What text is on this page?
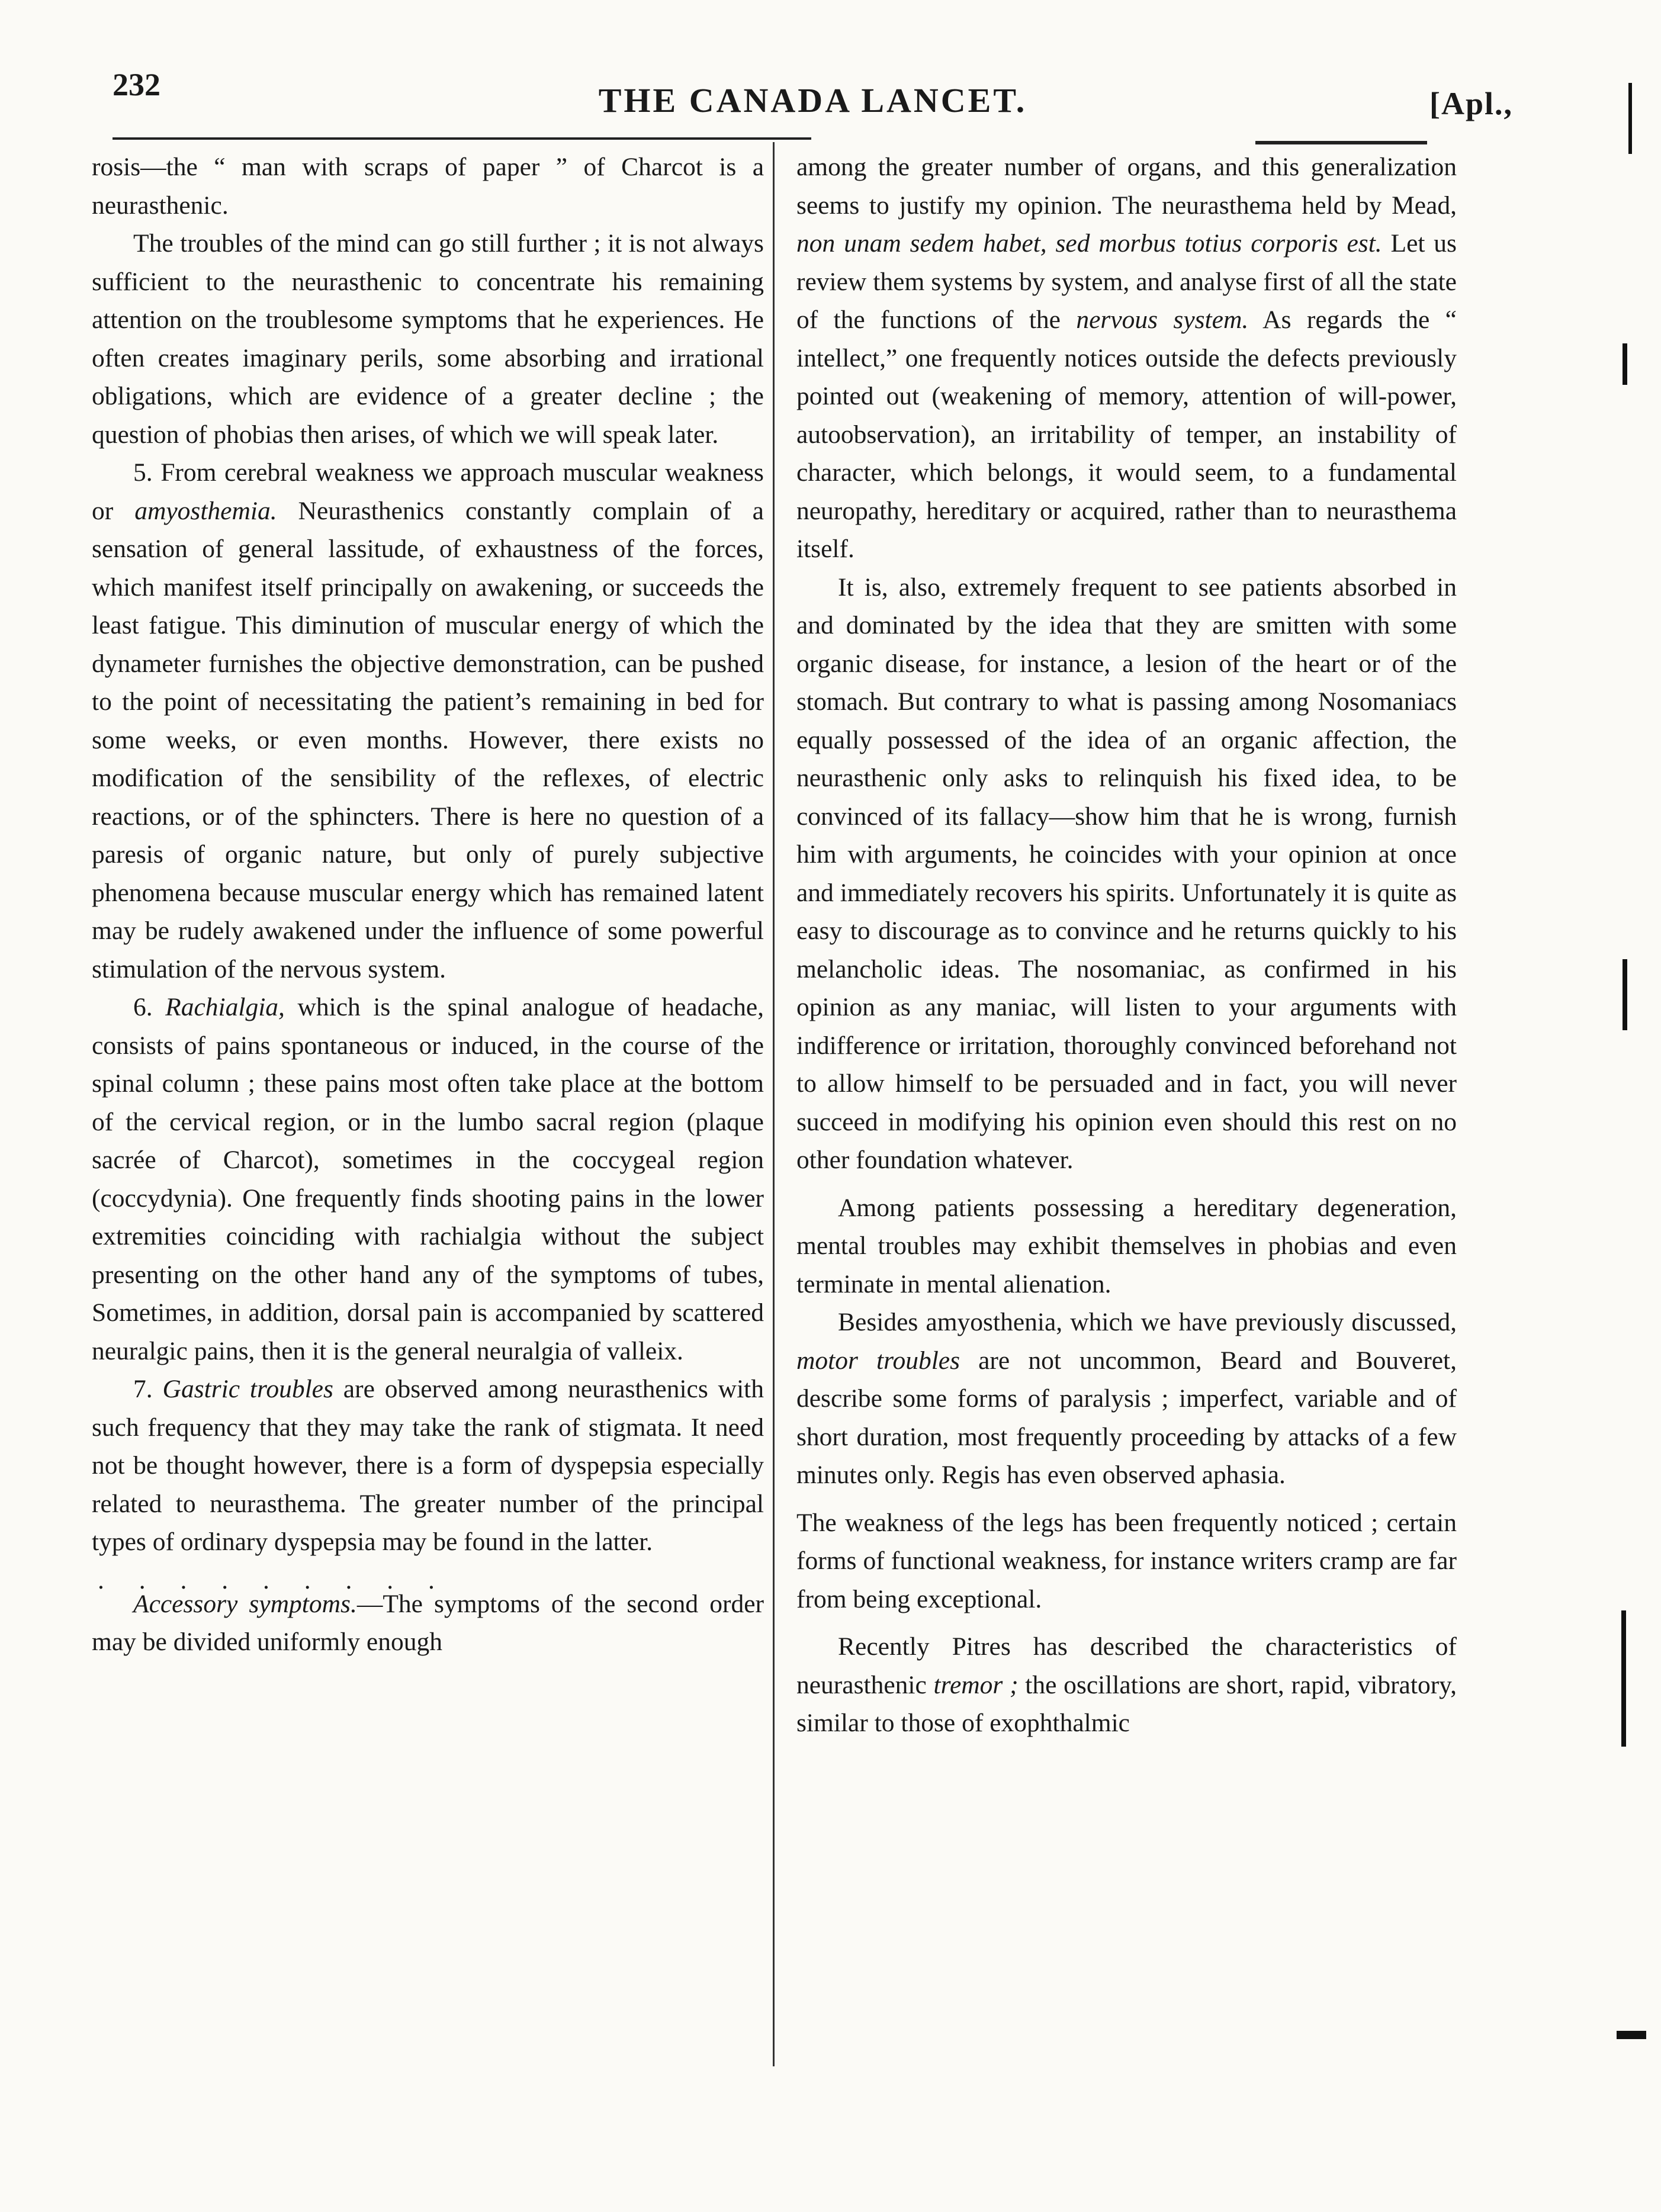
232	THE CANADA LANCET.	[Apl.,

rosis—the “ man with scraps of paper ” of Charcot is a neurasthenic.

The troubles of the mind can go still further ; it is not always sufficient to the neurasthenic to concentrate his remaining attention on the troublesome symptoms that he experiences. He often creates imaginary perils, some absorbing and irrational obligations, which are evidence of a greater decline ; the question of phobias then arises, of which we will speak later.

5. From cerebral weakness we approach muscular weakness or amyosthemia. Neurasthenics constantly complain of a sensation of general lassitude, of exhaustness of the forces, which manifest itself principally on awakening, or succeeds the least fatigue. This diminution of muscular energy of which the dynameter furnishes the objective demonstration, can be pushed to the point of necessitating the patient’s remaining in bed for some weeks, or even months. However, there exists no modification of the sensibility of the reflexes, of electric reactions, or of the sphincters. There is here no question of a paresis of organic nature, but only of purely subjective phenomena because muscular energy which has remained latent may be rudely awakened under the influence of some powerful stimulation of the nervous system.

6. Rachialgia, which is the spinal analogue of headache, consists of pains spontaneous or induced, in the course of the spinal column ; these pains most often take place at the bottom of the cervical region, or in the lumbo sacral region (plaque sacrée of Charcot), sometimes in the coccygeal region (coccydynia). One frequently finds shooting pains in the lower extremities coinciding with rachialgia without the subject presenting on the other hand any of the symptoms of tubes, Sometimes, in addition, dorsal pain is accompanied by scattered neuralgic pains, then it is the general neuralgia of valleix.

7. Gastric troubles are observed among neurasthenics with such frequency that they may take the rank of stigmata. It need not be thought however, there is a form of dyspepsia especially related to neurasthema. The greater number of the principal types of ordinary dyspepsia may be found in the latter.

. . . . . . . . .

Accessory symptoms.—The symptoms of the second order may be divided uniformly enough

among the greater number of organs, and this generalization seems to justify my opinion. The neurasthema held by Mead, non unam sedem habet, sed morbus totius corporis est. Let us review them systems by system, and analyse first of all the state of the functions of the nervous system. As regards the “ intellect,” one frequently notices outside the defects previously pointed out (weakening of memory, attention of will-power, autoobservation), an irritability of temper, an instability of character, which belongs, it would seem, to a fundamental neuropathy, hereditary or acquired, rather than to neurasthema itself.

It is, also, extremely frequent to see patients absorbed in and dominated by the idea that they are smitten with some organic disease, for instance, a lesion of the heart or of the stomach. But contrary to what is passing among Nosomaniacs equally possessed of the idea of an organic affection, the neurasthenic only asks to relinquish his fixed idea, to be convinced of its fallacy—show him that he is wrong, furnish him with arguments, he coincides with your opinion at once and immediately recovers his spirits. Unfortunately it is quite as easy to discourage as to convince and he returns quickly to his melancholic ideas. The nosomaniac, as confirmed in his opinion as any maniac, will listen to your arguments with indifference or irritation, thoroughly convinced beforehand not to allow himself to be persuaded and in fact, you will never succeed in modifying his opinion even should this rest on no other foundation whatever.

Among patients possessing a hereditary degeneration, mental troubles may exhibit themselves in phobias and even terminate in mental alienation.

Besides amyosthenia, which we have previously discussed, motor troubles are not uncommon, Beard and Bouveret, describe some forms of paralysis ; imperfect, variable and of short duration, most frequently proceeding by attacks of a few minutes only. Regis has even observed aphasia.

The weakness of the legs has been frequently noticed ; certain forms of functional weakness, for instance writers cramp are far from being exceptional.

Recently Pitres has described the characteristics of neurasthenic tremor ; the oscillations are short, rapid, vibratory, similar to those of exophthalmic
